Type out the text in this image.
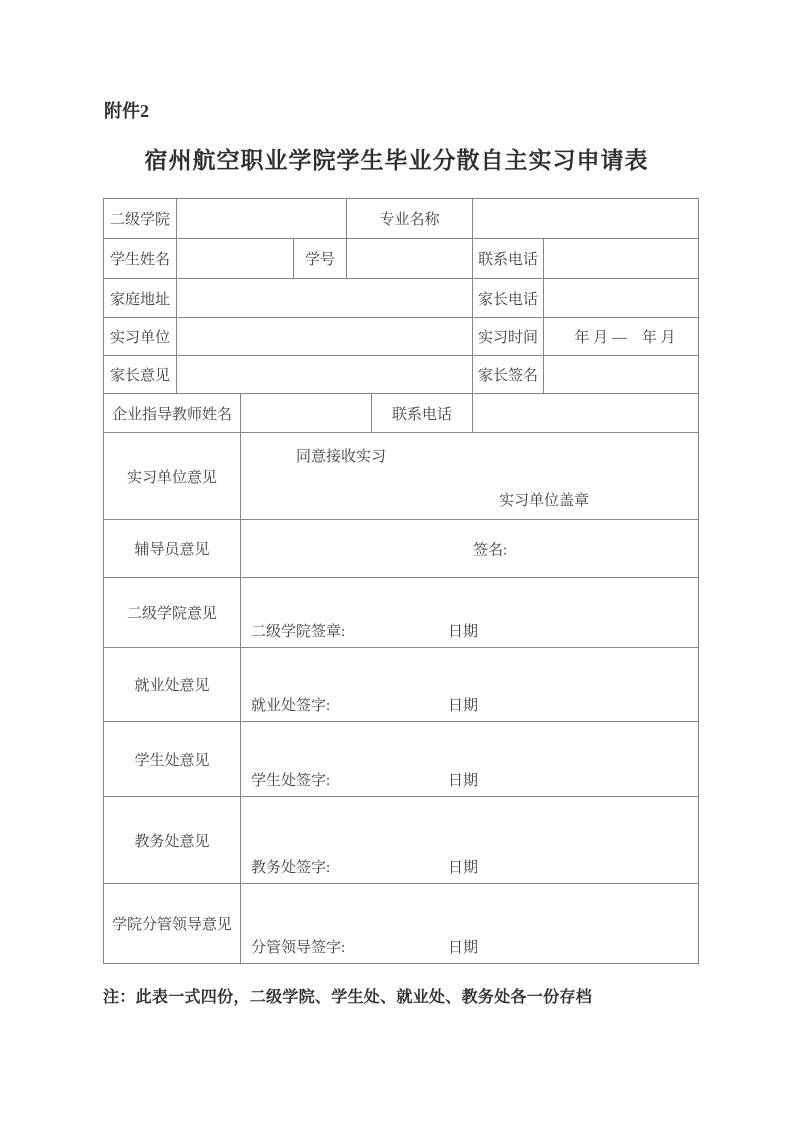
附件2
宿州航空职业学院学生毕业分散自主实习申请表
二级学院				专业名称			
学生姓名			学号			联系电话	
家庭地址						家长电话	
实习单位						实习时间	年 月 —    年 月
家长意见						家长签名	
企业指导教师姓名					联系电话		
实习单位意见		同意接收实习
实习单位盖章					

辅导员意见		签名:					

二级学院意见		二级学院签章: 日期					

就业处意见		就业处签字: 日期					

学生处意见		学生处签字: 日期					

教务处意见		教务处签字: 日期					

学院分管领导意见		分管领导签字: 日期					
注：此表一式四份，二级学院、学生处、就业处、教务处各一份存档
